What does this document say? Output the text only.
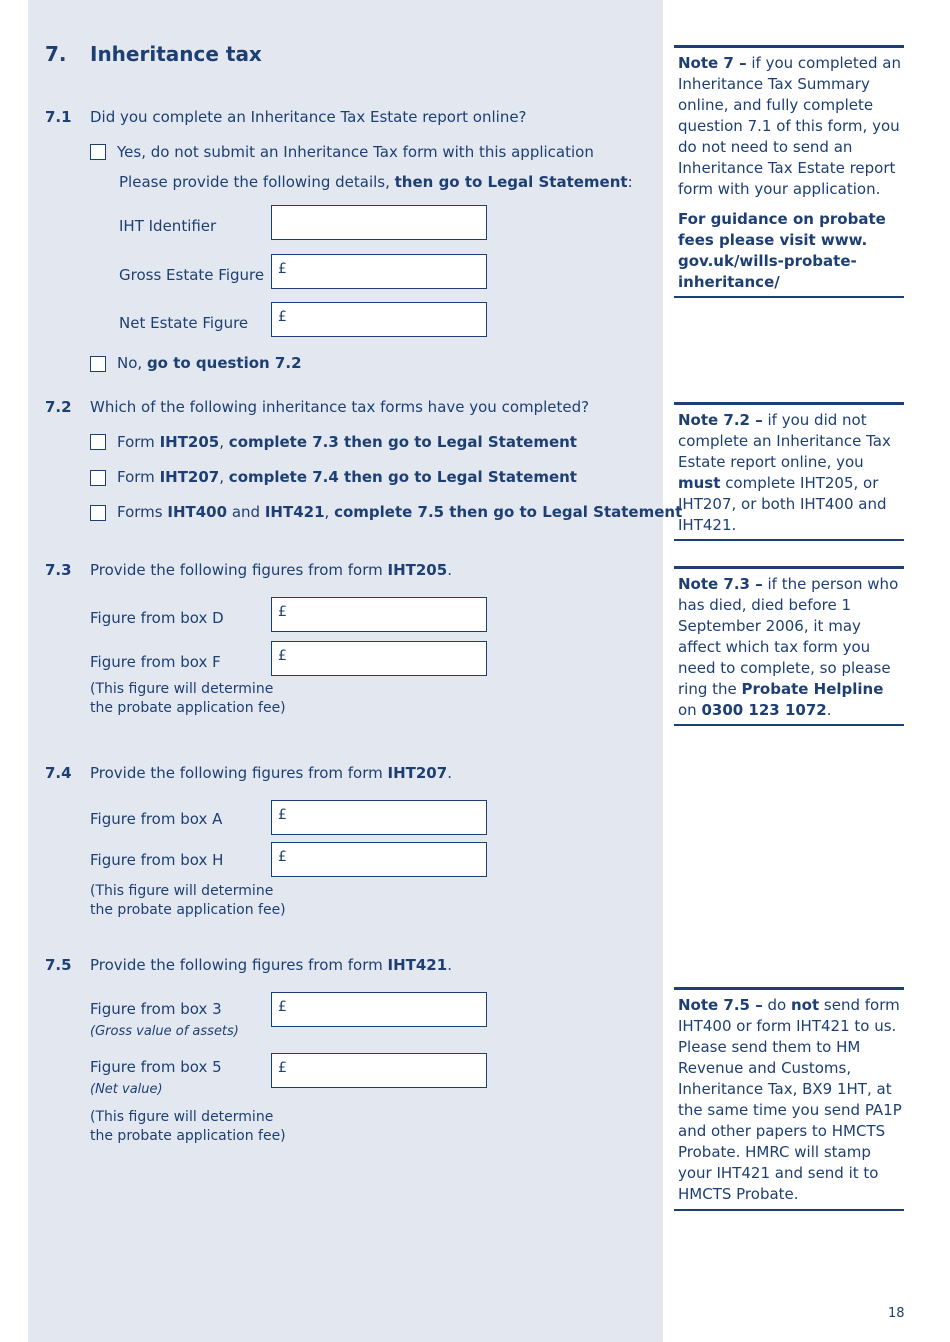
7. Inheritance tax
7.1 Did you complete an Inheritance Tax Estate report online?
Yes, do not submit an Inheritance Tax form with this application
Please provide the following details, then go to Legal Statement:
IHT Identifier
Gross Estate Figure £
Net Estate Figure £
No, go to question 7.2
7.2 Which of the following inheritance tax forms have you completed?
Form IHT205, complete 7.3 then go to Legal Statement
Form IHT207, complete 7.4 then go to Legal Statement
Forms IHT400 and IHT421, complete 7.5 then go to Legal Statement
7.3 Provide the following figures from form IHT205.
Figure from box D	£
Figure from box F	£
(This figure will determine
the probate application fee)
7.4 Provide the following figures from form IHT207.
Figure from box A	£
Figure from box H	£
(This figure will determine
the probate application fee)
7.5 Provide the following figures from form IHT421.
Figure from box 3
(Gross value of assets)
£
Figure from box 5
(Net value)
£
(This figure will determine
the probate application fee)

Note 7 – if you completed an Inheritance Tax Summary online, and fully complete question 7.1 of this form, you do not need to send an Inheritance Tax Estate report form with your application.

For guidance on probate fees please visit www. gov.uk/wills-probate-inheritance/

Note 7.2 – if you did not complete an Inheritance Tax Estate report online, you must complete IHT205, or IHT207, or both IHT400 and IHT421.

Note 7.3 – if the person who has died, died before 1 September 2006, it may affect which tax form you need to complete, so please ring the Probate Helpline on 0300 123 1072.

Note 7.5 – do not send form IHT400 or form IHT421 to us. Please send them to HM Revenue and Customs, Inheritance Tax, BX9 1HT, at the same time you send PA1P and other papers to HMCTS Probate. HMRC will stamp your IHT421 and send it to HMCTS Probate.

18
